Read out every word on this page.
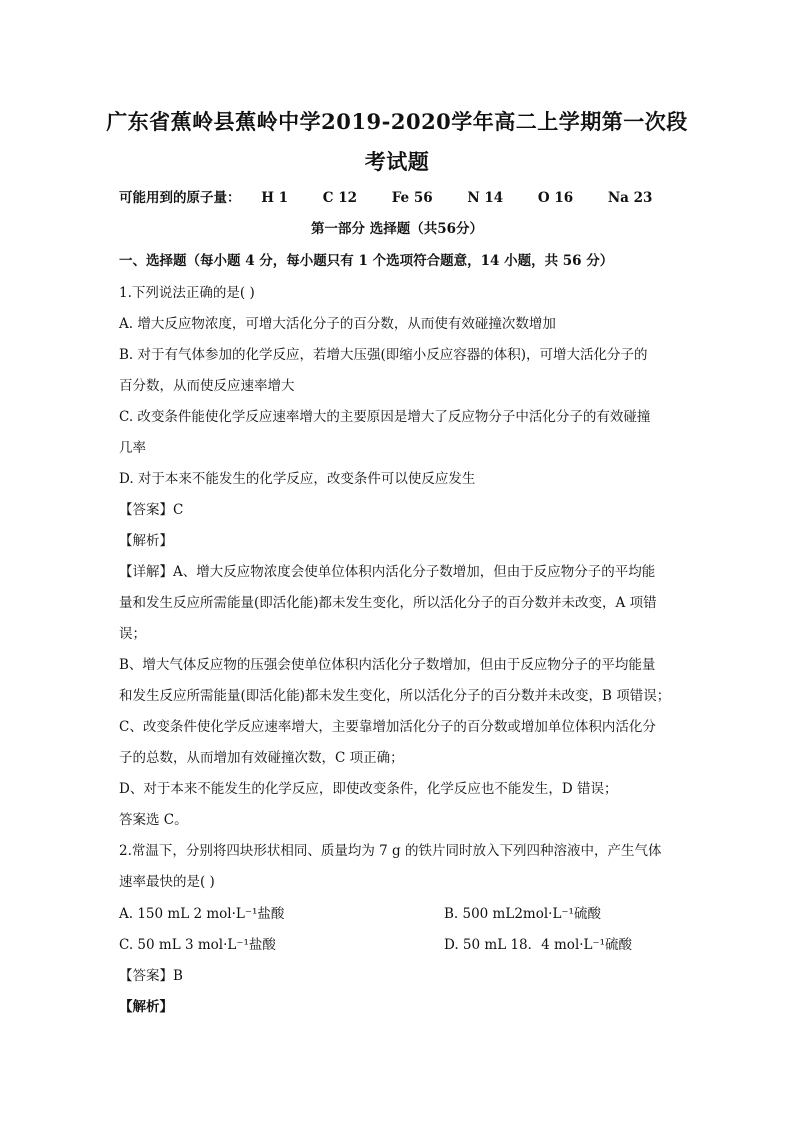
广东省蕉岭县蕉岭中学2019-2020学年高二上学期第一次段
考试题
可能用到的原子量： H 1	C 12	Fe 56	N 14	O 16	Na 23
第一部分 选择题（共56分）
一、选择题（每小题 4 分，每小题只有 1 个选项符合题意，14 小题，共 56 分）
1.下列说法正确的是( )
A. 增大反应物浓度，可增大活化分子的百分数，从而使有效碰撞次数增加
B. 对于有气体参加的化学反应，若增大压强(即缩小反应容器的体积)，可增大活化分子的
百分数，从而使反应速率增大
C. 改变条件能使化学反应速率增大的主要原因是增大了反应物分子中活化分子的有效碰撞
几率
D. 对于本来不能发生的化学反应，改变条件可以使反应发生
【答案】C
【解析】
【详解】A、增大反应物浓度会使单位体积内活化分子数增加，但由于反应物分子的平均能
量和发生反应所需能量(即活化能)都未发生变化，所以活化分子的百分数并未改变，A 项错
误；
B、增大气体反应物的压强会使单位体积内活化分子数增加，但由于反应物分子的平均能量
和发生反应所需能量(即活化能)都未发生变化，所以活化分子的百分数并未改变，B 项错误；
C、改变条件使化学反应速率增大，主要靠增加活化分子的百分数或增加单位体积内活化分
子的总数，从而增加有效碰撞次数，C 项正确；
D、对于本来不能发生的化学反应，即使改变条件，化学反应也不能发生，D 错误；
答案选 C。
2.常温下，分别将四块形状相同、质量均为 7 g 的铁片同时放入下列四种溶液中，产生气体
速率最快的是( )
A. 150 mL 2 mol·L⁻¹盐酸	B. 500 mL2mol·L⁻¹硫酸
C. 50 mL 3 mol·L⁻¹盐酸	D. 50 mL 18．4 mol·L⁻¹硫酸
【答案】B
【解析】
